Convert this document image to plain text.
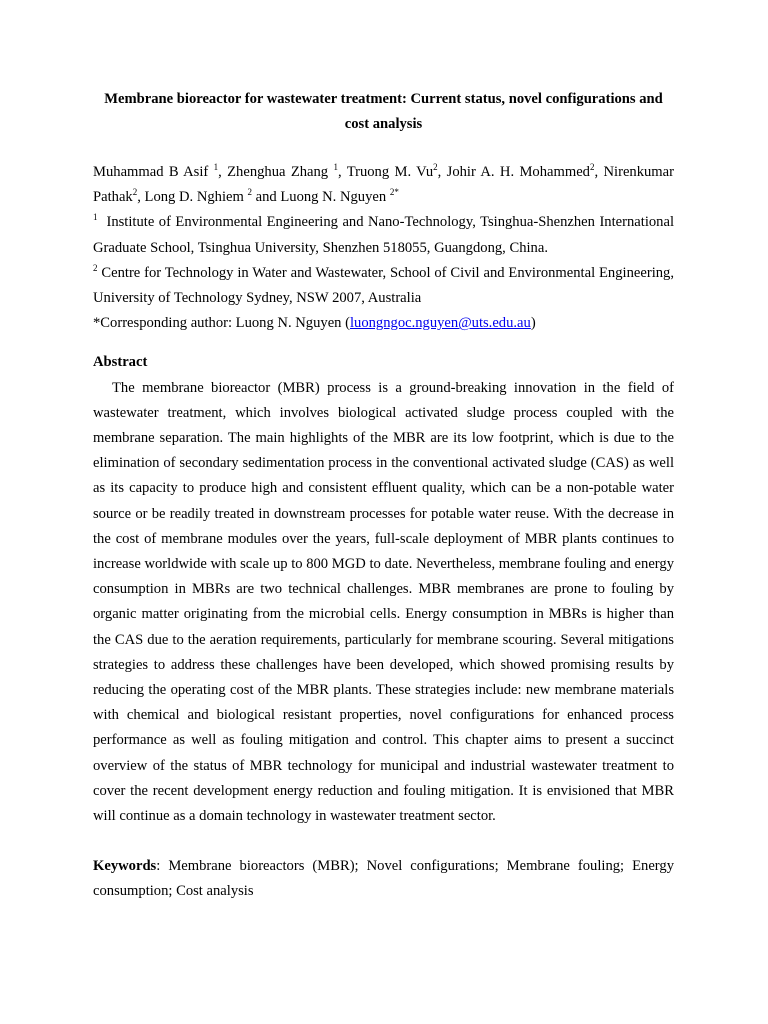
Membrane bioreactor for wastewater treatment: Current status, novel configurations and cost analysis

Muhammad B Asif $^1$, Zhenghua Zhang $^1$, Truong M. Vu$^2$, Johir A. H. Mohammed$^2$, Nirenkumar Pathak$^2$, Long D. Nghiem $^2$ and Luong N. Nguyen $^{2*}$

$^1$ Institute of Environmental Engineering and Nano-Technology, Tsinghua-Shenzhen International Graduate School, Tsinghua University, Shenzhen 518055, Guangdong, China.

$^2$ Centre for Technology in Water and Wastewater, School of Civil and Environmental Engineering, University of Technology Sydney, NSW 2007, Australia

*Corresponding author: Luong N. Nguyen (luongngoc.nguyen@uts.edu.au)

Abstract

The membrane bioreactor (MBR) process is a ground-breaking innovation in the field of wastewater treatment, which involves biological activated sludge process coupled with the membrane separation. The main highlights of the MBR are its low footprint, which is due to the elimination of secondary sedimentation process in the conventional activated sludge (CAS) as well as its capacity to produce high and consistent effluent quality, which can be a non-potable water source or be readily treated in downstream processes for potable water reuse. With the decrease in the cost of membrane modules over the years, full-scale deployment of MBR plants continues to increase worldwide with scale up to 800 MGD to date. Nevertheless, membrane fouling and energy consumption in MBRs are two technical challenges. MBR membranes are prone to fouling by organic matter originating from the microbial cells. Energy consumption in MBRs is higher than the CAS due to the aeration requirements, particularly for membrane scouring. Several mitigations strategies to address these challenges have been developed, which showed promising results by reducing the operating cost of the MBR plants. These strategies include: new membrane materials with chemical and biological resistant properties, novel configurations for enhanced process performance as well as fouling mitigation and control. This chapter aims to present a succinct overview of the status of MBR technology for municipal and industrial wastewater treatment to cover the recent development energy reduction and fouling mitigation. It is envisioned that MBR will continue as a domain technology in wastewater treatment sector.

Keywords: Membrane bioreactors (MBR); Novel configurations; Membrane fouling; Energy consumption; Cost analysis
